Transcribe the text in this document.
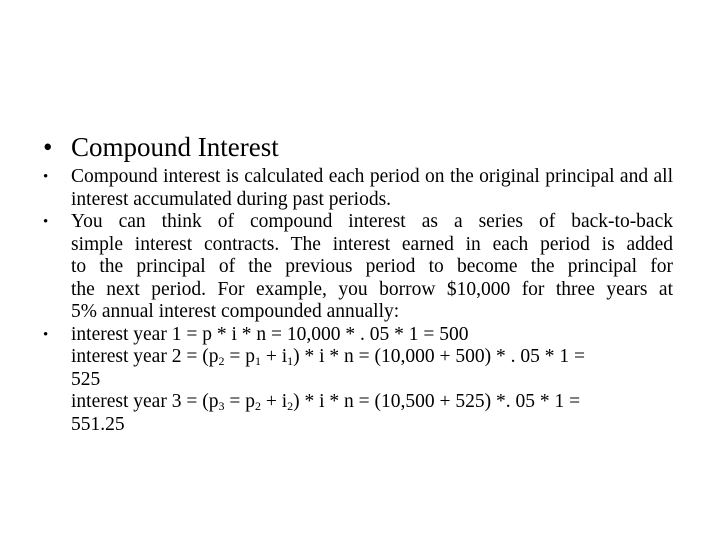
• Compound Interest
• Compound interest is calculated each period on the original principal and all interest accumulated during past periods.
• You can think of compound interest as a series of back-to-back
simple interest contracts. The interest earned in each period is added
to the principal of the previous period to become the principal for
the next period. For example, you borrow $10,000 for three years at
5% annual interest compounded annually:
• interest year 1 = p * i * n = 10,000 * . 05 * 1 = 500
interest year $2 = (p_2 = p_1 + i_1) * i * n = (10,000 + 500)$ * . 05 * 1 =
525
interest year $3 = (p_3 = p_2 + i_2) * i * n = (10,500 + 525)$ *. 05 * 1 =
551.25
